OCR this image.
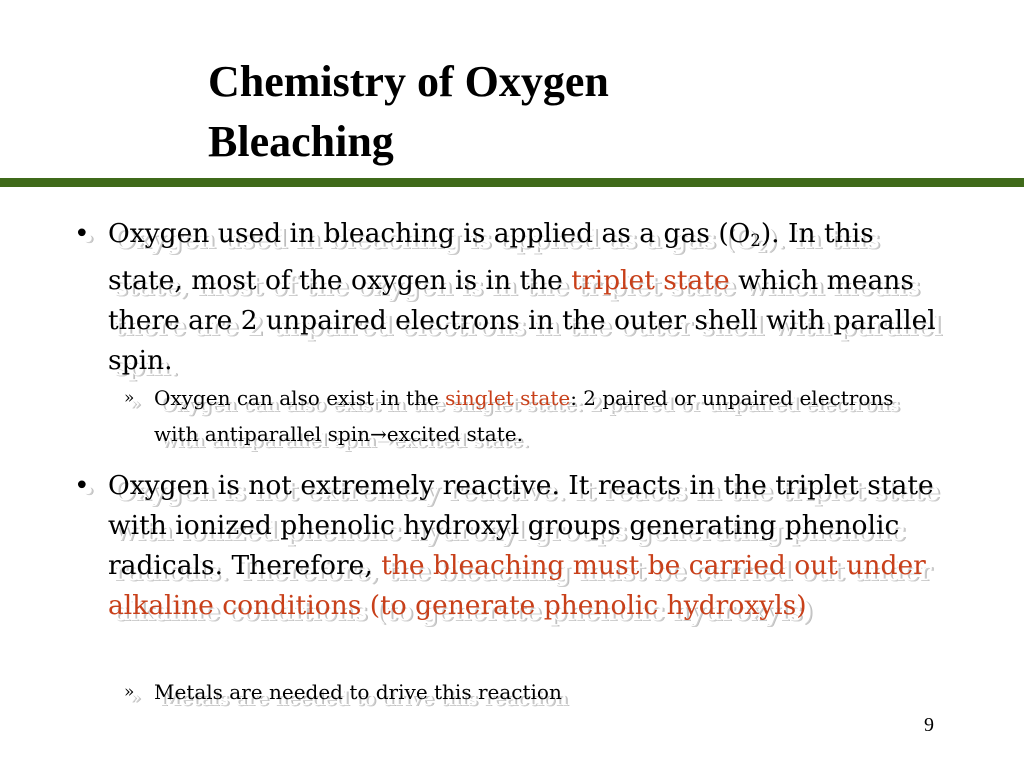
Chemistry of Oxygen
Bleaching
• Oxygen used in bleaching is applied as a gas $(O_2)$. In this state, most of the oxygen is in the triplet state which means there are 2 unpaired electrons in the outer shell with parallel spin.
» Oxygen can also exist in the singlet state: 2 paired or unpaired electrons with antiparallel spin→excited state.
• Oxygen is not extremely reactive. It reacts in the triplet state with ionized phenolic hydroxyl groups generating phenolic radicals. Therefore, the bleaching must be carried out under alkaline conditions (to generate phenolic hydroxyls)
» Metals are needed to drive this reaction
9
